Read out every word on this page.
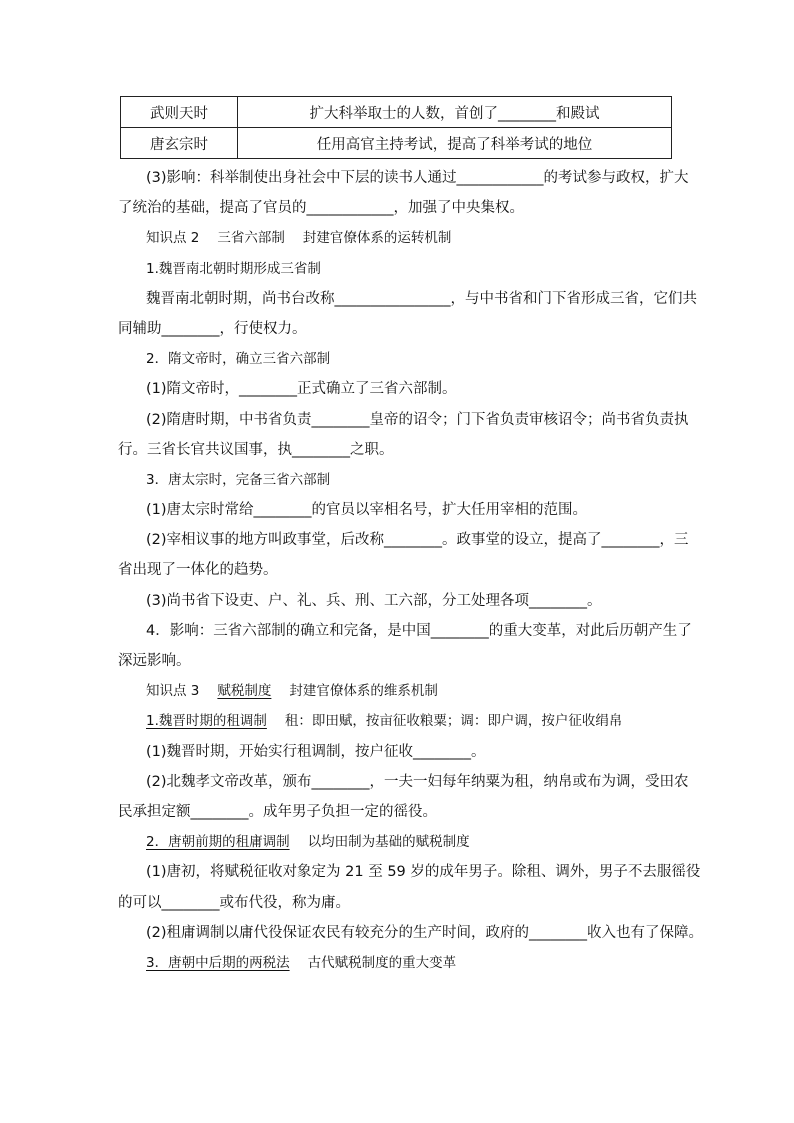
武则天时	扩大科举取士的人数，首创了________和殿试
唐玄宗时	任用高官主持考试，提高了科举考试的地位
(3)影响：科举制使出身社会中下层的读书人通过____________的考试参与政权，扩大
了统治的基础，提高了官员的____________，加强了中央集权。
知识点 2 三省六部制 封建官僚体系的运转机制
1.魏晋南北朝时期形成三省制
魏晋南北朝时期，尚书台改称________________，与中书省和门下省形成三省，它们共
同辅助________，行使权力。
2．隋文帝时，确立三省六部制
(1)隋文帝时，________正式确立了三省六部制。
(2)隋唐时期，中书省负责________皇帝的诏令；门下省负责审核诏令；尚书省负责执
行。三省长官共议国事，执________之职。
3．唐太宗时，完备三省六部制
(1)唐太宗时常给________的官员以宰相名号，扩大任用宰相的范围。
(2)宰相议事的地方叫政事堂，后改称________。政事堂的设立，提高了________，三
省出现了一体化的趋势。
(3)尚书省下设吏、户、礼、兵、刑、工六部，分工处理各项________。
4．影响：三省六部制的确立和完备，是中国________的重大变革，对此后历朝产生了
深远影响。
知识点 3 赋税制度 封建官僚体系的维系机制
1.魏晋时期的租调制 租：即田赋，按亩征收粮粟；调：即户调，按户征收绢帛
(1)魏晋时期，开始实行租调制，按户征收________。
(2)北魏孝文帝改革，颁布________，一夫一妇每年纳粟为租，纳帛或布为调，受田农
民承担定额________。成年男子负担一定的徭役。
2．唐朝前期的租庸调制 以均田制为基础的赋税制度
(1)唐初，将赋税征收对象定为 21 至 59 岁的成年男子。除租、调外，男子不去服徭役
的可以________或布代役，称为庸。
(2)租庸调制以庸代役保证农民有较充分的生产时间，政府的________收入也有了保障。
3．唐朝中后期的两税法 古代赋税制度的重大变革
